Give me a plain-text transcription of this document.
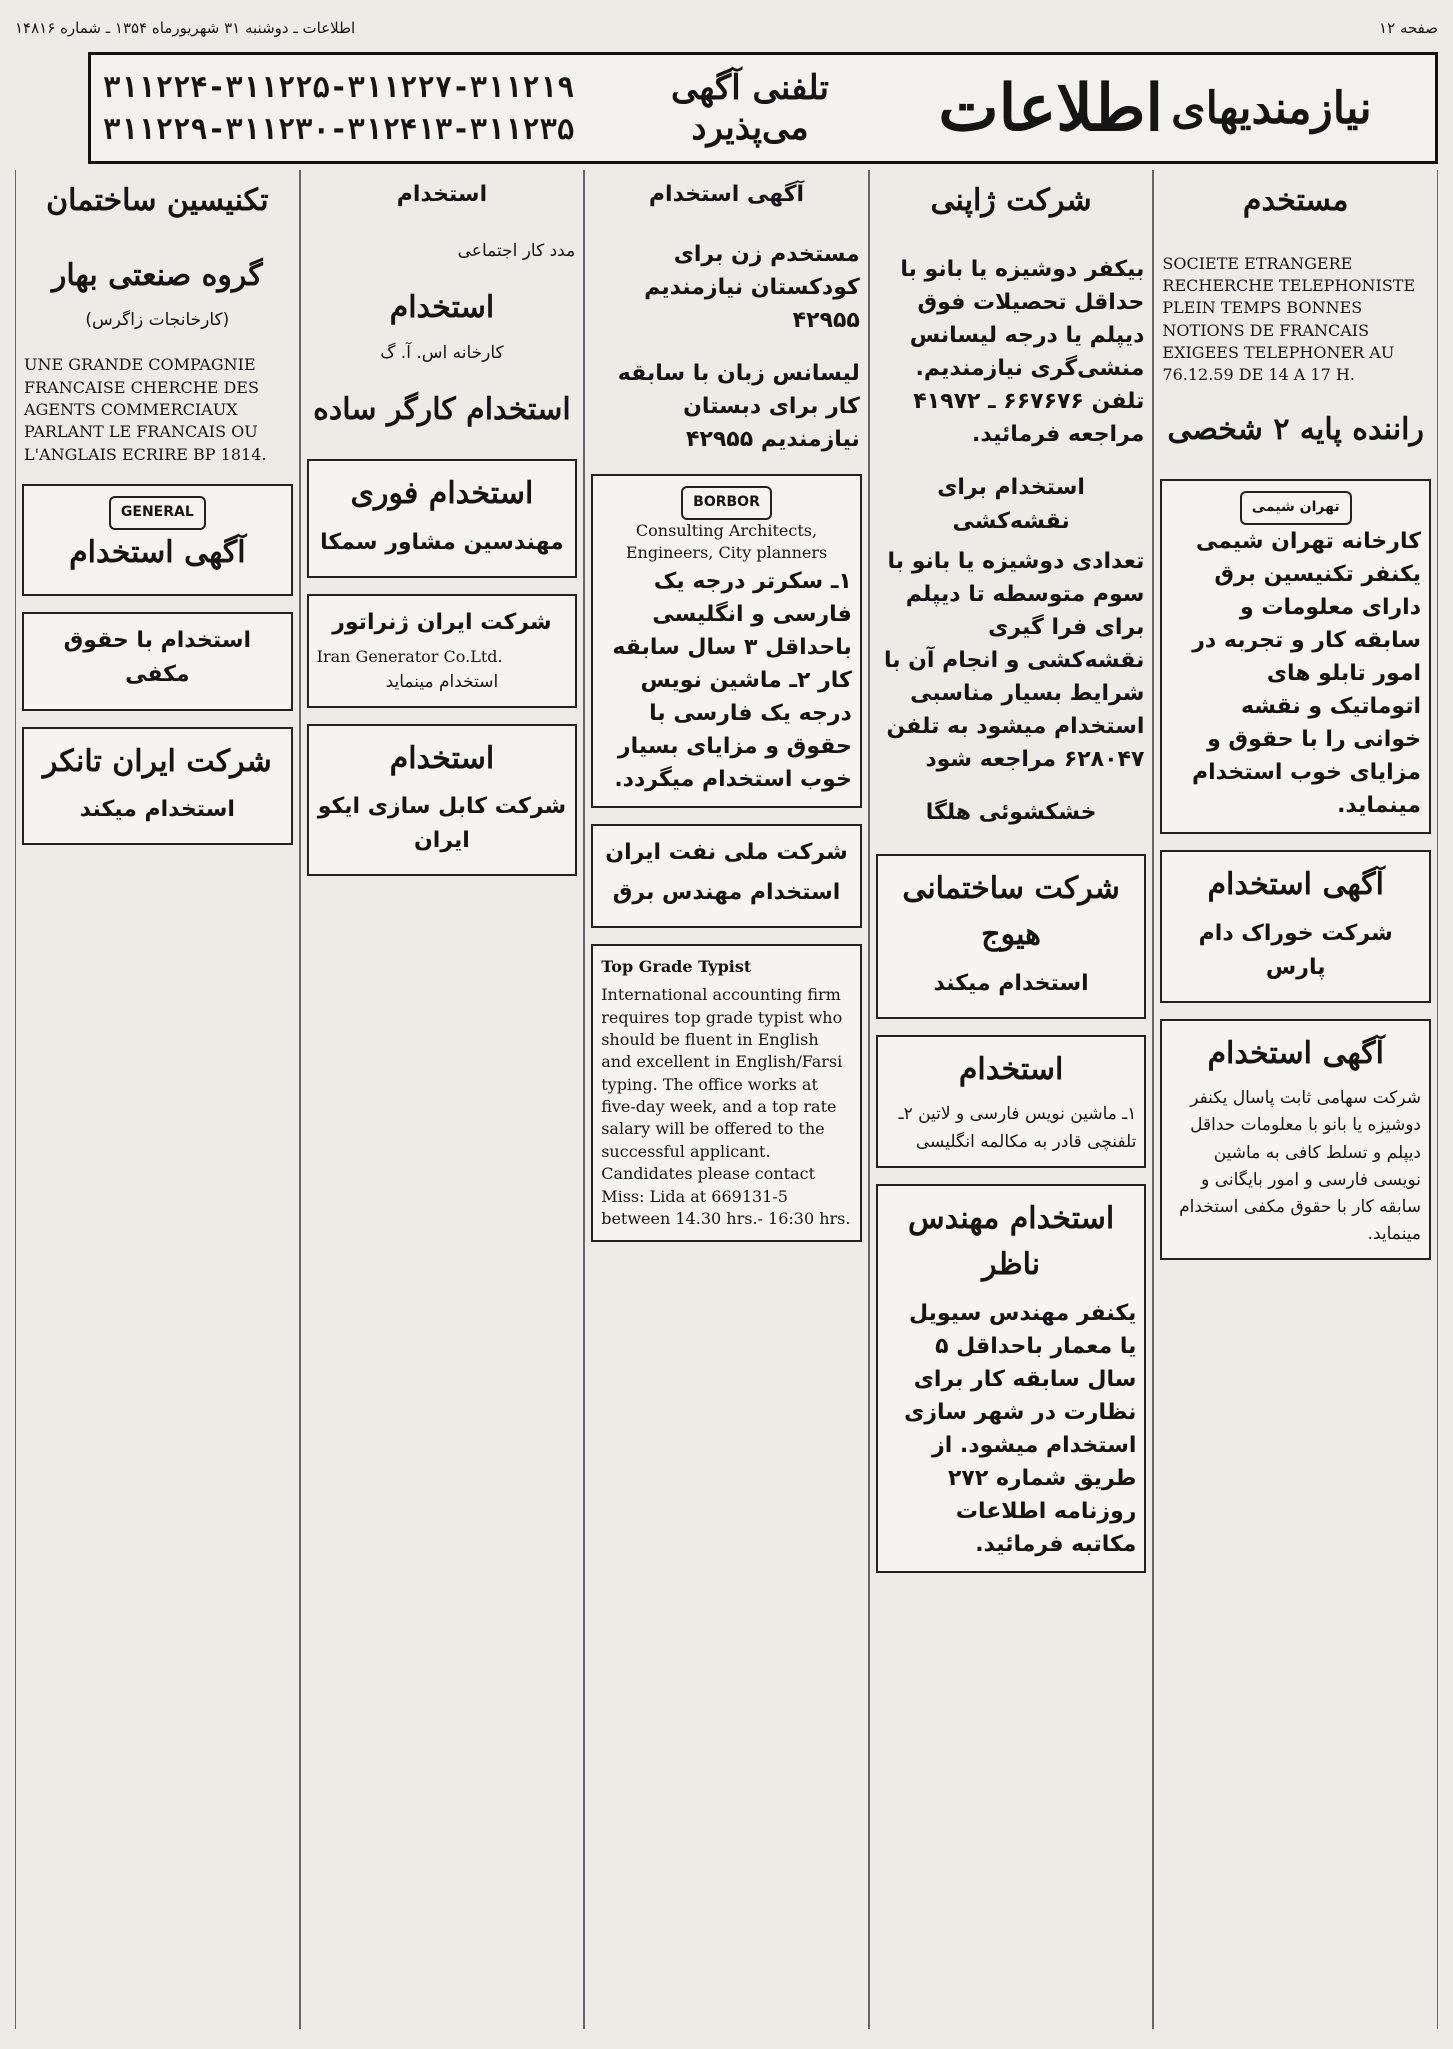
صفحه ۱۲
اطلاعات ـ دوشنبه ۳۱ شهریورماه ۱۳۵۴ ـ شماره ۱۴۸۱۶
نیازمندیهای
اطلاعات
تلفنی آگهی می‌پذیرد
۳۱۱۲۲۴-۳۱۱۲۲۵-۳۱۱۲۲۷-۳۱۱۲۱۹
۳۱۱۲۲۹-۳۱۱۲۳۰-۳۱۲۴۱۳-۳۱۱۲۳۵
مستخدم
SOCIETE ETRANGERE RECHERCHE TELEPHONISTE PLEIN TEMPS BONNES NOTIONS DE FRANCAIS EXIGEES TELEPHONER AU 76.12.59 DE 14 A 17 H.
راننده پایه ۲ شخصی
تهران شیمی
کارخانه تهران شیمی یکنفر تکنیسین برق دارای معلومات و سابقه کار و تجربه در امور تابلو های اتوماتیک و نقشه خوانی را با حقوق و مزایای خوب استخدام مینماید.
آگهی استخدام
شرکت خوراک دام پارس
آگهی استخدام
شرکت سهامی ثابت پاسال یکنفر دوشیزه یا بانو با معلومات حداقل دیپلم و تسلط کافی به ماشین نویسی فارسی و امور بایگانی و سابقه کار با حقوق مکفی استخدام مینماید.
شرکت ژاپنی
بیکفر دوشیزه یا بانو با حداقل تحصیلات فوق دیپلم یا درجه لیسانس منشی‌گری نیازمندیم. تلفن ۶۶۷۶۷۶ ـ ۴۱۹۷۲ مراجعه فرمائید.
استخدام برای نقشه‌کشی
تعدادی دوشیزه یا بانو با سوم متوسطه تا دیپلم برای فرا گیری نقشه‌کشی و انجام آن با شرایط بسیار مناسبی استخدام میشود به تلفن ۶۲۸۰۴۷ مراجعه شود
خشکشوئی هلگا
شرکت ساختمانی هیوج
استخدام میکند
استخدام
۱ـ ماشین نویس فارسی و لاتین ۲ـ تلفنچی قادر به مکالمه انگلیسی
استخدام مهندس ناظر
یکنفر مهندس سیویل یا معمار باحداقل ۵ سال سابقه کار برای نظارت در شهر سازی استخدام میشود. از طریق شماره ۲۷۲ روزنامه اطلاعات مکاتبه فرمائید.
آگهی استخدام
مستخدم زن برای کودکستان نیازمندیم ۴۲۹۵۵
لیسانس زبان با سابقه کار برای دبستان نیازمندیم ۴۲۹۵۵
BORBOR
Consulting Architects, Engineers, City planners
۱ـ سکرتر درجه یک فارسی و انگلیسی باحداقل ۳ سال سابقه کار ۲ـ ماشین نویس درجه یک فارسی با حقوق و مزایای بسیار خوب استخدام میگردد.
شرکت ملی نفت ایران
استخدام مهندس برق
Top Grade Typist
International accounting firm requires top grade typist who should be fluent in English and excellent in English/Farsi typing. The office works at five-day week, and a top rate salary will be offered to the successful applicant. Candidates please contact Miss: Lida at 669131-5 between 14.30 hrs.- 16:30 hrs.
استخدام
مدد کار اجتماعی
استخدام
کارخانه اس. آ. گ
استخدام کارگر ساده
استخدام فوری
مهندسین مشاور سمکا
شرکت ایران ژنراتور
Iran Generator Co.Ltd.
استخدام مینماید
استخدام
شرکت کابل سازی ایکو ایران
تکنیسین ساختمان
گروه صنعتی بهار
(کارخانجات زاگرس)
UNE GRANDE COMPAGNIE FRANCAISE CHERCHE DES AGENTS COMMERCIAUX PARLANT LE FRANCAIS OU L'ANGLAIS ECRIRE BP 1814.
GENERAL
آگهی استخدام
استخدام با حقوق مکفی
شرکت ایران تانکر
استخدام میکند
